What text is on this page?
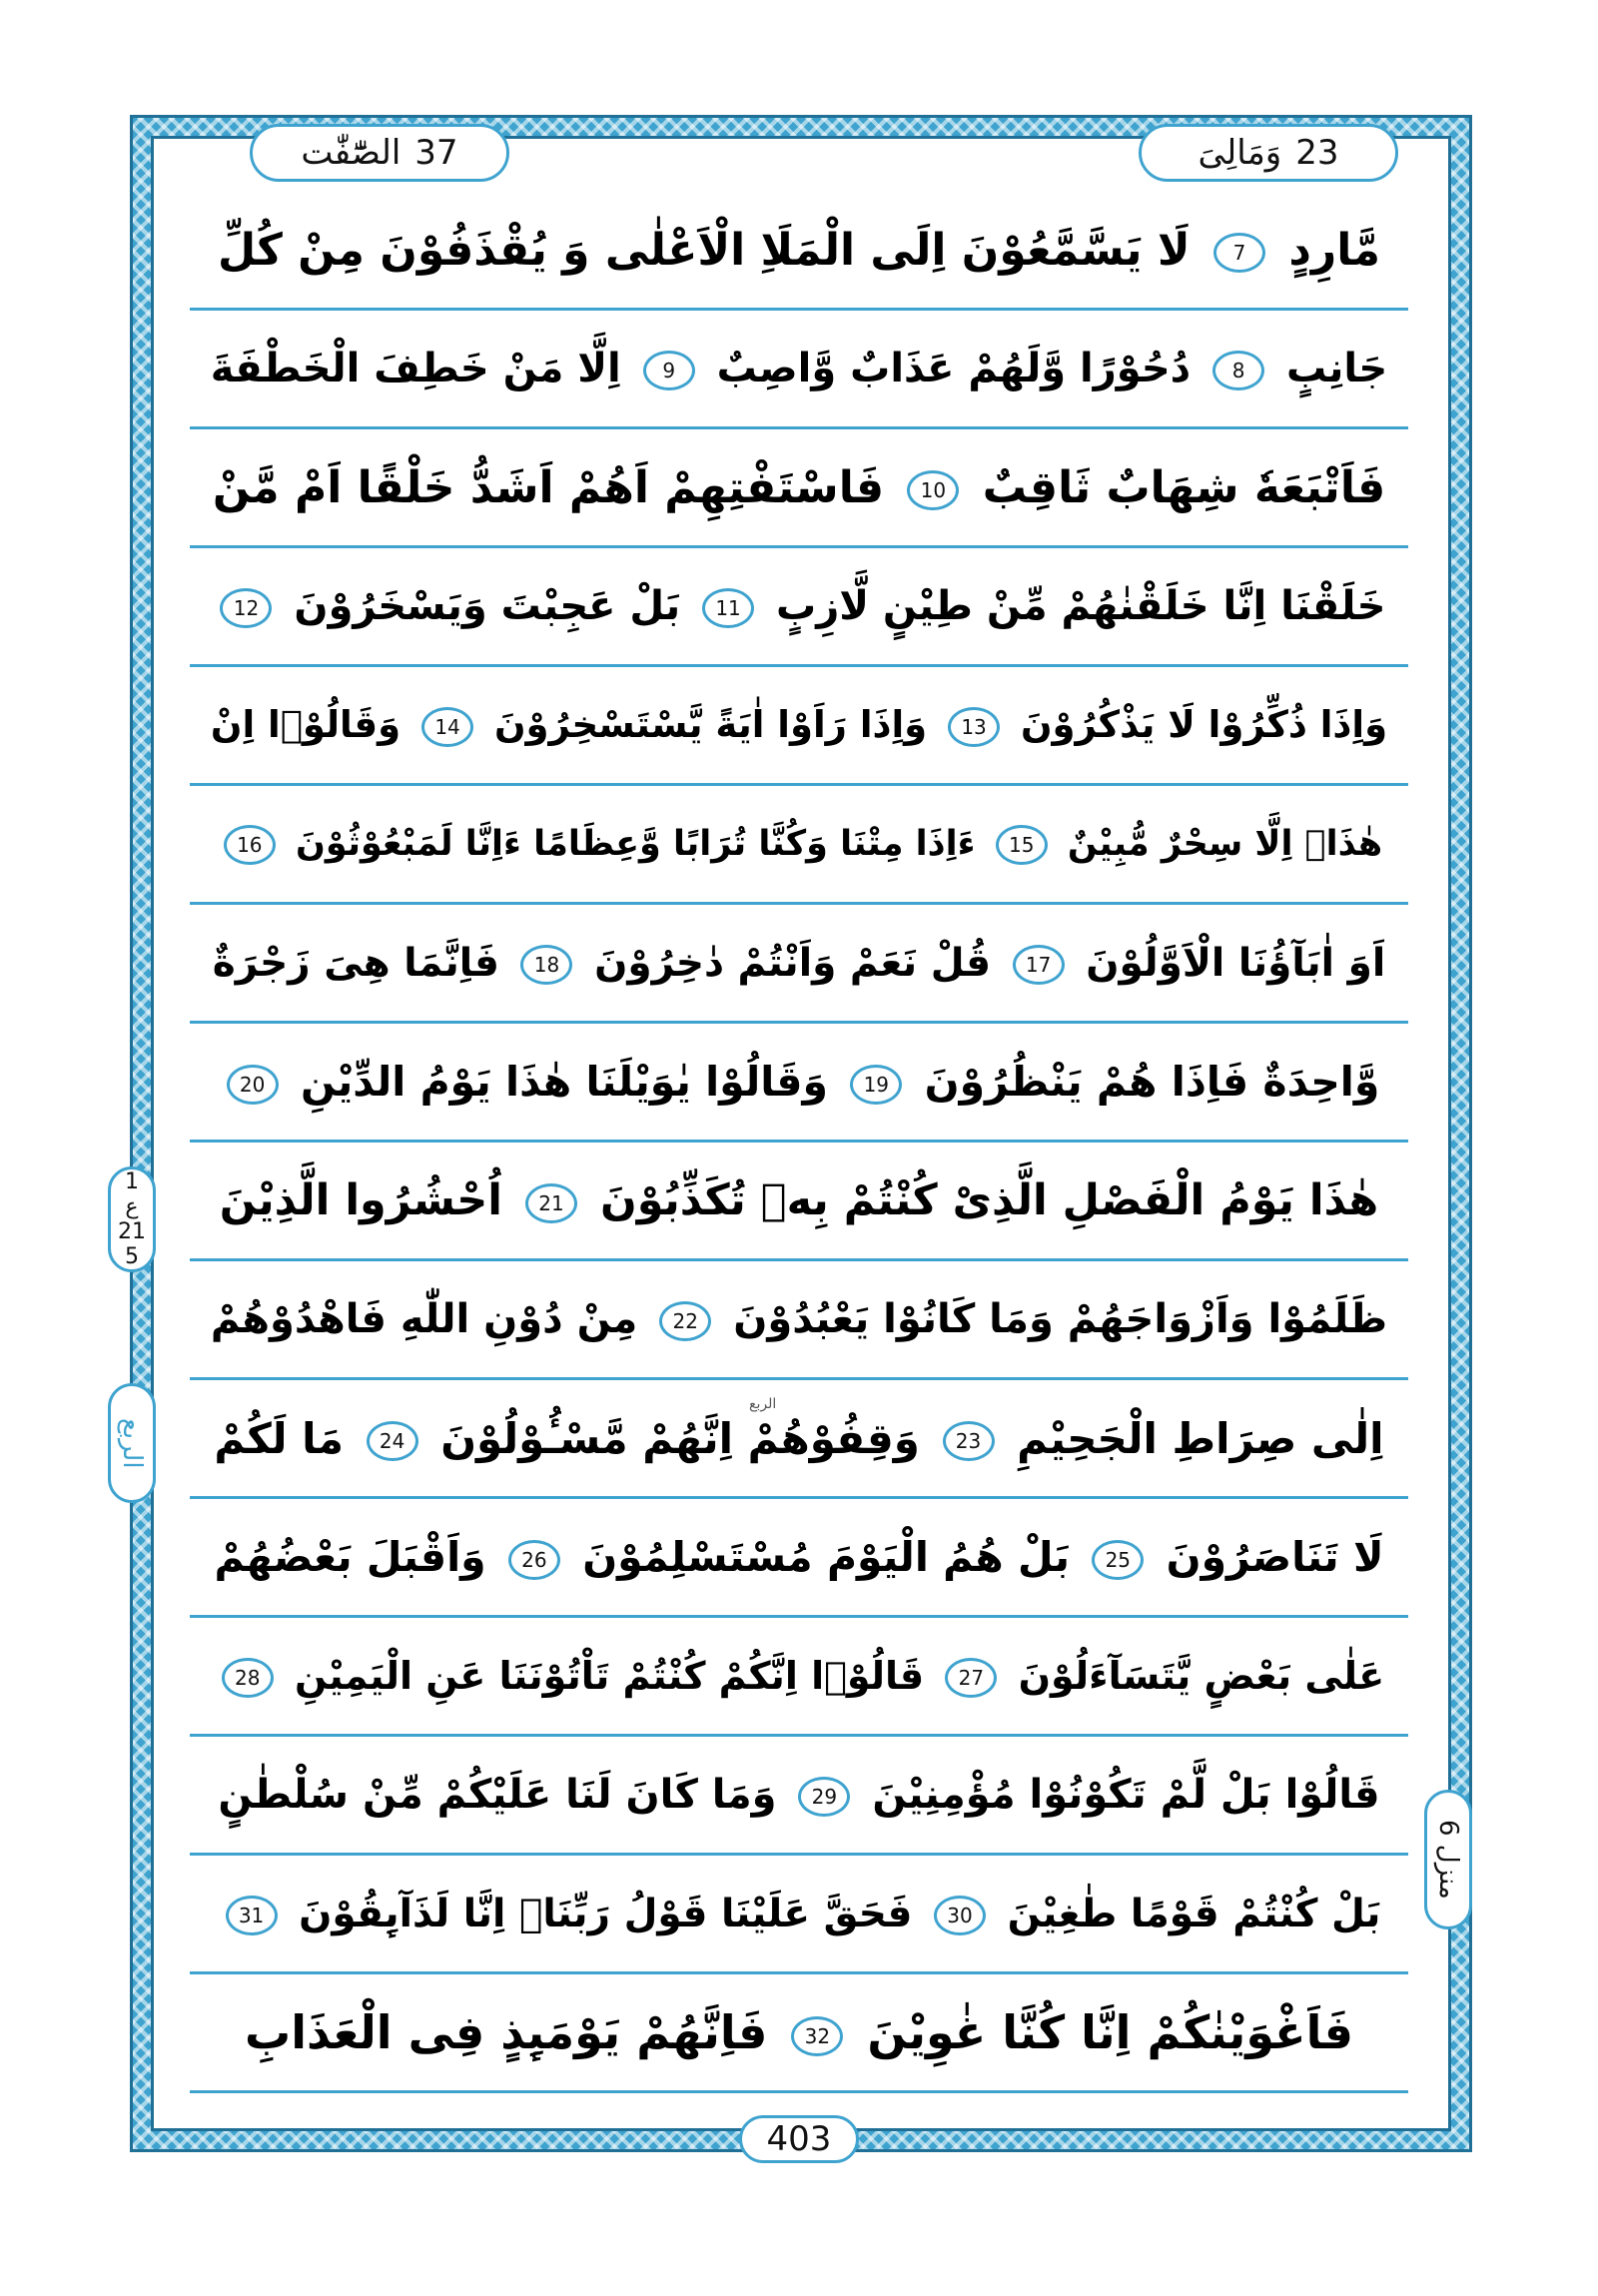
الصّٰٓفّٰت 37	وَمَالِیَ 23
مَّارِدٍ 7 لَا یَسَّمَّعُوْنَ اِلَی الْمَلَاِ الْاَعْلٰی وَ یُقْذَفُوْنَ مِنْ كُلِّ
جَانِبٍ 8 دُحُوْرًا وَّلَهُمْ عَذَابٌ وَّاصِبٌ 9 اِلَّا مَنْ خَطِفَ الْخَطْفَةَ
فَاَتْبَعَهٗ شِهَابٌ ثَاقِبٌ 10 فَاسْتَفْتِهِمْ اَهُمْ اَشَدُّ خَلْقًا اَمْ مَّنْ
خَلَقْنَا اِنَّا خَلَقْنٰهُمْ مِّنْ طِیْنٍ لَّازِبٍ 11 بَلْ عَجِبْتَ وَیَسْخَرُوْنَ 12
وَاِذَا ذُكِّرُوْا لَا یَذْكُرُوْنَ 13 وَاِذَا رَاَوْا اٰیَةً یَّسْتَسْخِرُوْنَ 14 وَقَالُوْۤا اِنْ
هٰذَاۤ اِلَّا سِحْرٌ مُّبِیْنٌ 15 ءَاِذَا مِتْنَا وَكُنَّا تُرَابًا وَّعِظَامًا ءَاِنَّا لَمَبْعُوْثُوْنَ 16
اَوَ اٰبَآؤُنَا الْاَوَّلُوْنَ 17 قُلْ نَعَمْ وَاَنْتُمْ دٰخِرُوْنَ 18 فَاِنَّمَا هِیَ زَجْرَةٌ
وَّاحِدَةٌ فَاِذَا هُمْ یَنْظُرُوْنَ 19 وَقَالُوْا یٰوَیْلَنَا هٰذَا یَوْمُ الدِّیْنِ 20
هٰذَا یَوْمُ الْفَصْلِ الَّذِیْ كُنْتُمْ بِهٖ تُكَذِّبُوْنَ 21 اُحْشُرُوا الَّذِیْنَ
ظَلَمُوْا وَاَزْوَاجَهُمْ وَمَا كَانُوْا یَعْبُدُوْنَ 22 مِنْ دُوْنِ اللّٰهِ فَاهْدُوْهُمْ
اِلٰی صِرَاطِ الْجَحِیْمِ 23 وَقِفُوْهُمْ اِنَّهُمْ مَّسْـُٔوْلُوْنَ 24 مَا لَكُمْ
لَا تَنَاصَرُوْنَ 25 بَلْ هُمُ الْیَوْمَ مُسْتَسْلِمُوْنَ 26 وَاَقْبَلَ بَعْضُهُمْ
عَلٰی بَعْضٍ یَّتَسَآءَلُوْنَ 27 قَالُوْۤا اِنَّكُمْ كُنْتُمْ تَاْتُوْنَنَا عَنِ الْیَمِیْنِ 28
قَالُوْا بَلْ لَّمْ تَكُوْنُوْا مُؤْمِنِیْنَ 29 وَمَا كَانَ لَنَا عَلَیْكُمْ مِّنْ سُلْطٰنٍ
بَلْ كُنْتُمْ قَوْمًا طٰغِیْنَ 30 فَحَقَّ عَلَیْنَا قَوْلُ رَبِّنَاۤ اِنَّا لَذَآىِٕقُوْنَ 31
فَاَغْوَیْنٰكُمْ اِنَّا كُنَّا غٰوِیْنَ 32 فَاِنَّهُمْ یَوْمَىِٕذٍ فِی الْعَذَابِ
1
ع
21
5
الربع
الربع
منزل 6
403
